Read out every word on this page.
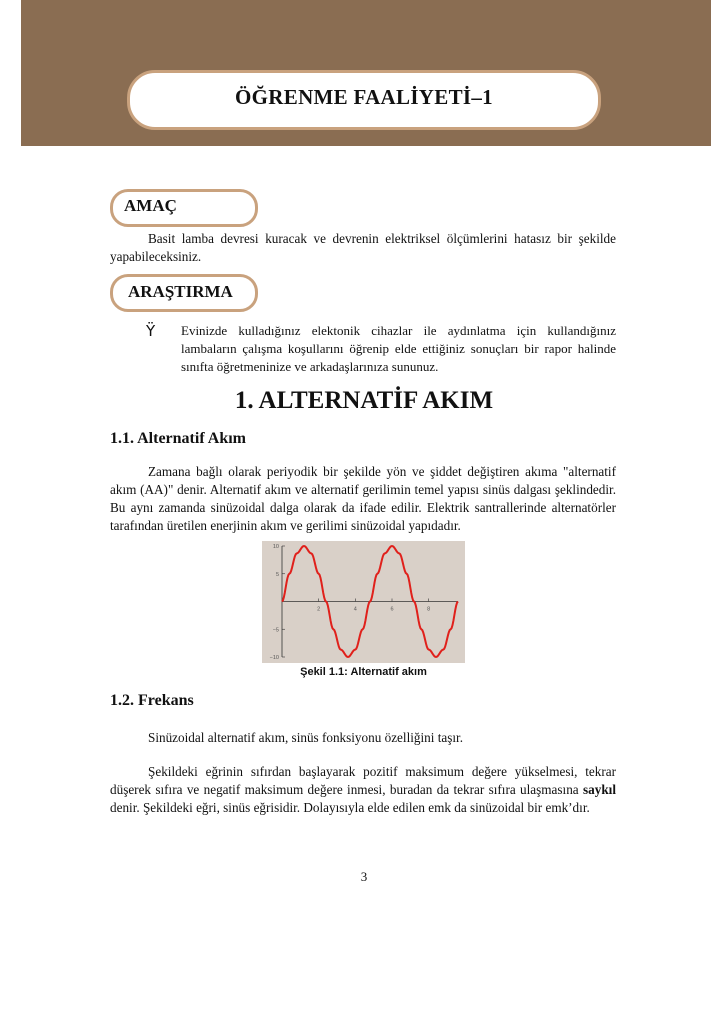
ÖĞRENME FAALİYETİ–1
AMAÇ

Basit lamba devresi kuracak ve devrenin elektriksel ölçümlerini hatasız bir şekilde yapabileceksiniz.

ARAŞTIRMA
Ÿ Evinizde kulladığınız elektonik cihazlar ile aydınlatma için kullandığınız lambaların çalışma koşullarını öğrenip elde ettiğiniz sonuçları bir rapor halinde sınıfta öğretmeninize ve arkadaşlarınıza sununuz.

1. ALTERNATİF AKIM
1.1. Alternatif Akım

Zamana bağlı olarak periyodik bir şekilde yön ve şiddet değiştiren akıma "alternatif akım (AA)" denir. Alternatif akım ve alternatif gerilimin temel yapısı sinüs dalgası şeklindedir. Bu aynı zamanda sinüzoidal dalga olarak da ifade edilir. Elektrik santrallerinde alternatörler tarafından üretilen enerjinin akım ve gerilimi sinüzoidal yapıdadır.

10
5
−5
−10
2	4	6	8
Şekil 1.1: Alternatif akım
1.2. Frekans

Sinüzoidal alternatif akım, sinüs fonksiyonu özelliğini taşır.

Şekildeki eğrinin sıfırdan başlayarak pozitif maksimum değere yükselmesi, tekrar düşerek sıfıra ve negatif maksimum değere inmesi, buradan da tekrar sıfıra ulaşmasına saykıl denir. Şekildeki eğri, sinüs eğrisidir. Dolayısıyla elde edilen emk da sinüzoidal bir emk’dır.

3
